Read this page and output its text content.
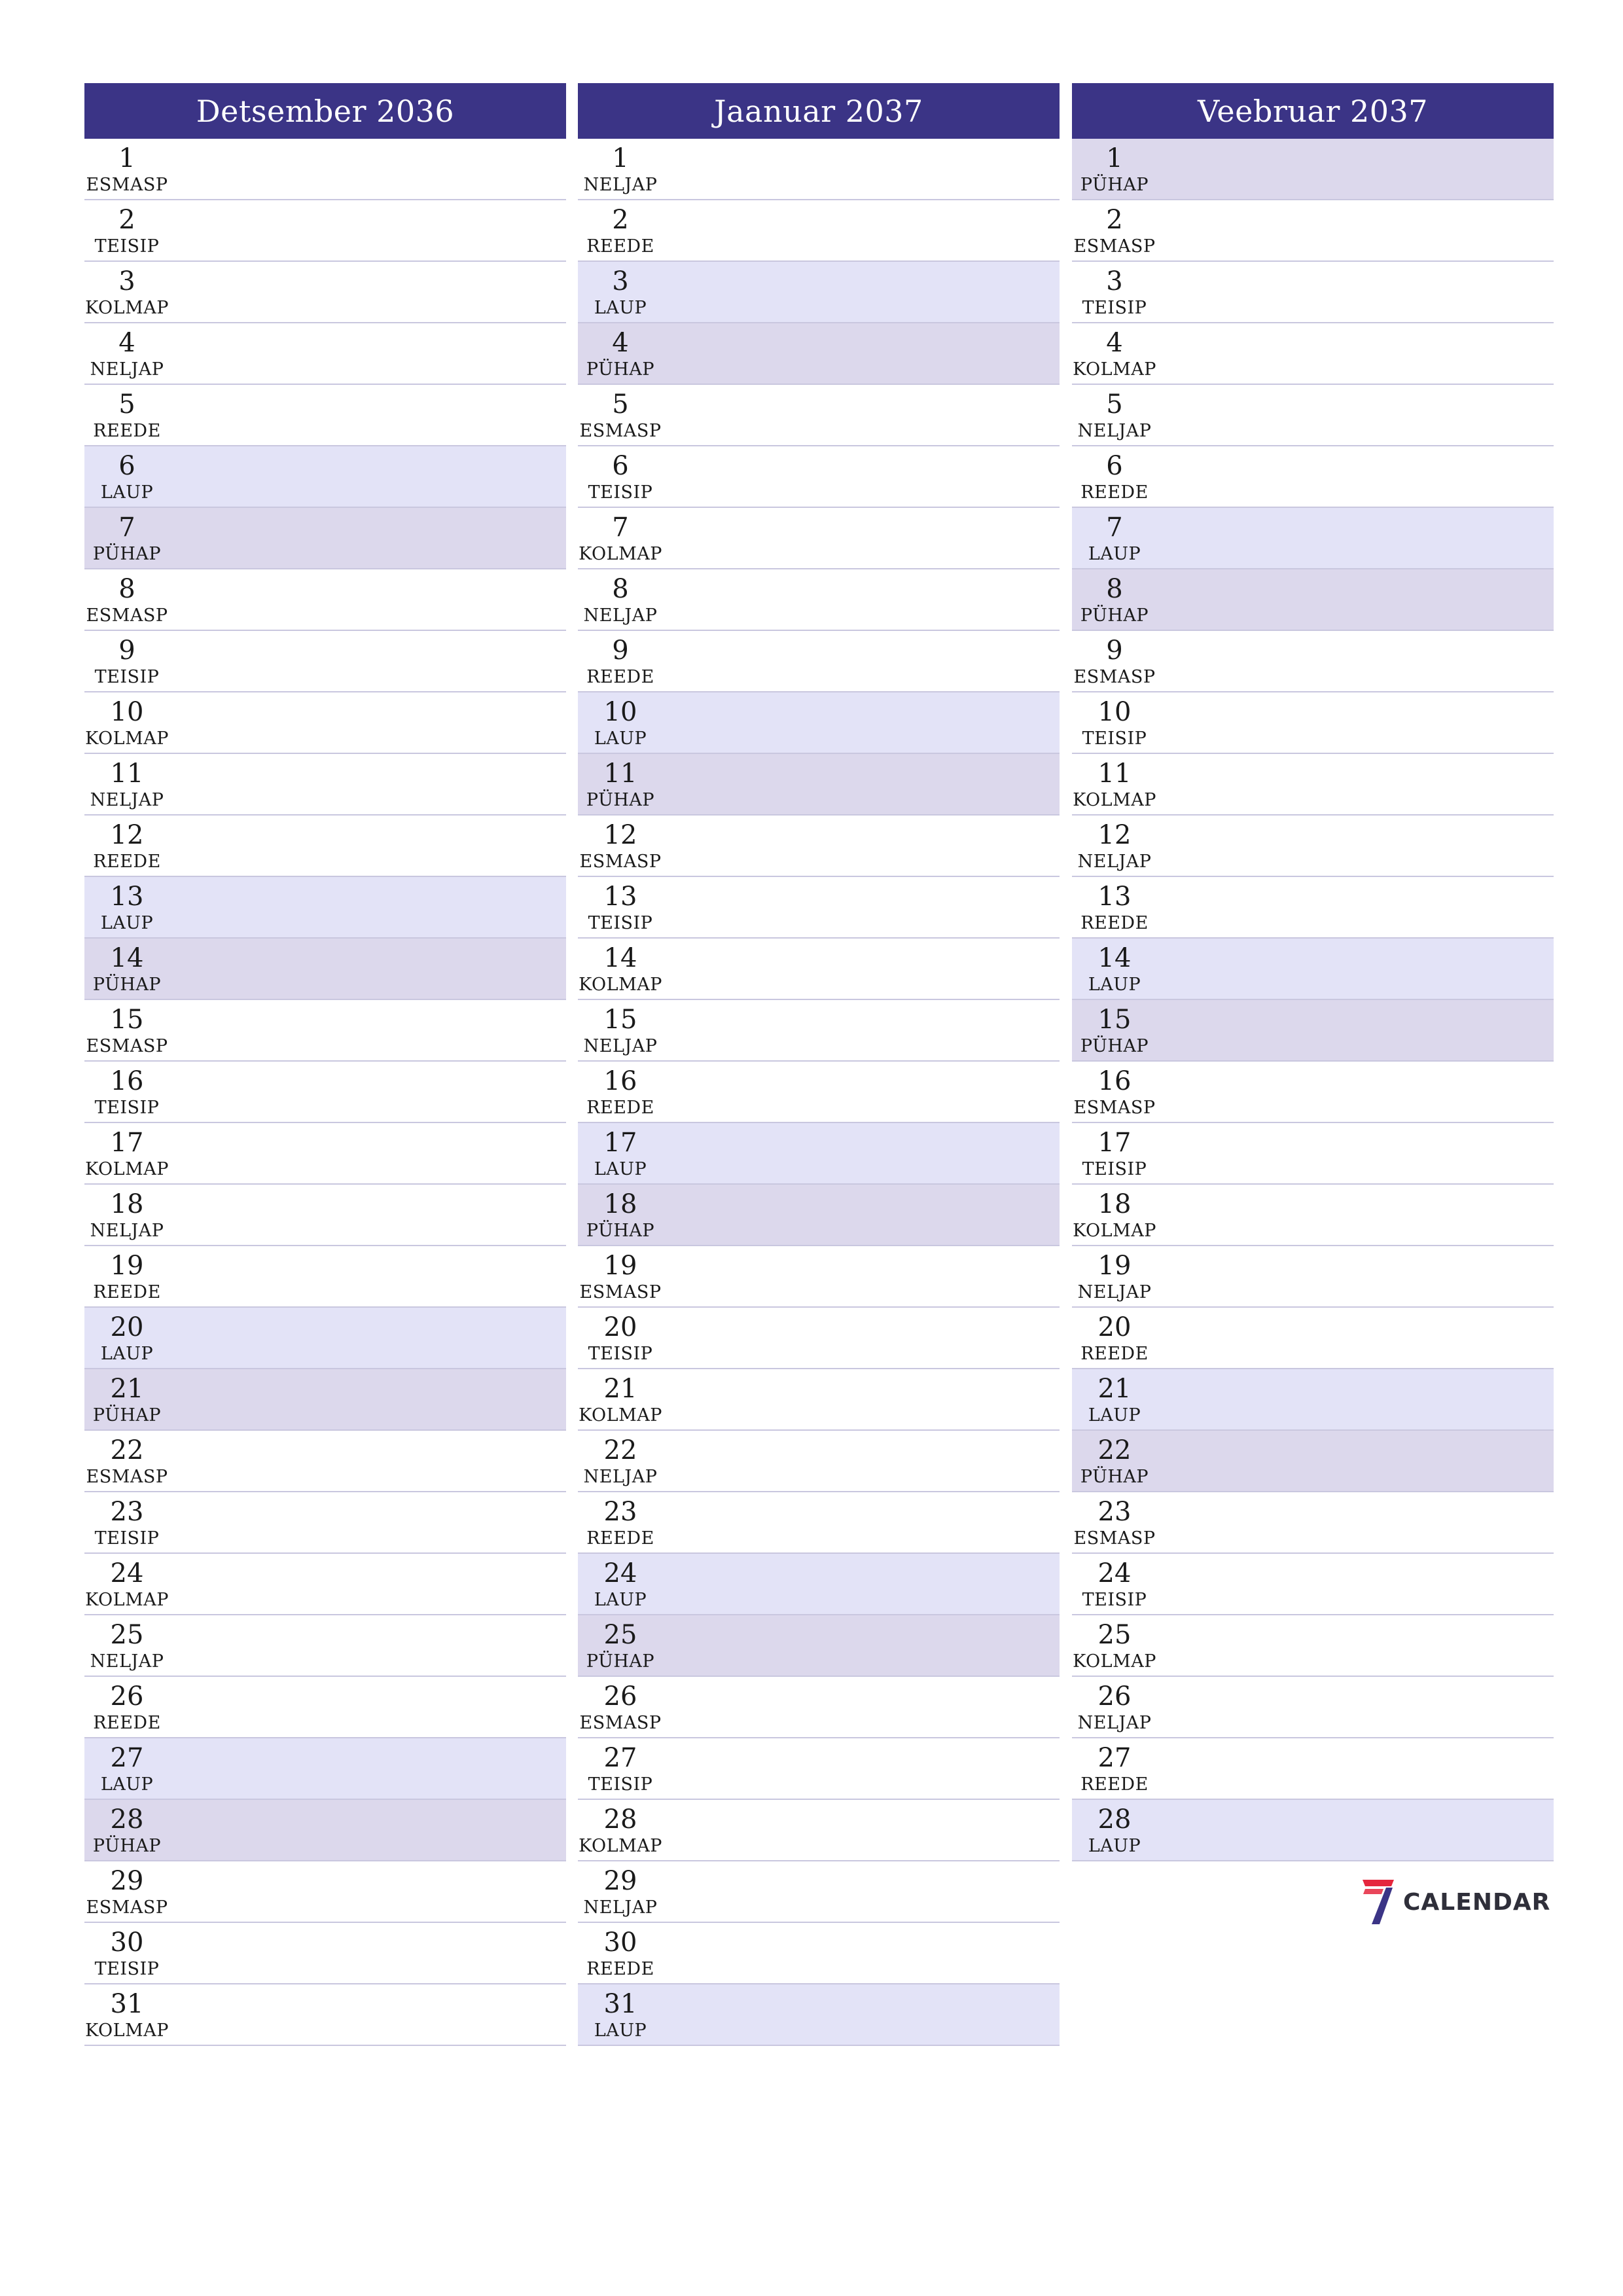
Detsember 2036
1
ESMASP
2
TEISIP
3
KOLMAP
4
NELJAP
5
REEDE
6
LAUP
7
PÜHAP
8
ESMASP
9
TEISIP
10
KOLMAP
11
NELJAP
12
REEDE
13
LAUP
14
PÜHAP
15
ESMASP
16
TEISIP
17
KOLMAP
18
NELJAP
19
REEDE
20
LAUP
21
PÜHAP
22
ESMASP
23
TEISIP
24
KOLMAP
25
NELJAP
26
REEDE
27
LAUP
28
PÜHAP
29
ESMASP
30
TEISIP
31
KOLMAP
Jaanuar 2037
1
NELJAP
2
REEDE
3
LAUP
4
PÜHAP
5
ESMASP
6
TEISIP
7
KOLMAP
8
NELJAP
9
REEDE
10
LAUP
11
PÜHAP
12
ESMASP
13
TEISIP
14
KOLMAP
15
NELJAP
16
REEDE
17
LAUP
18
PÜHAP
19
ESMASP
20
TEISIP
21
KOLMAP
22
NELJAP
23
REEDE
24
LAUP
25
PÜHAP
26
ESMASP
27
TEISIP
28
KOLMAP
29
NELJAP
30
REEDE
31
LAUP
Veebruar 2037
1
PÜHAP
2
ESMASP
3
TEISIP
4
KOLMAP
5
NELJAP
6
REEDE
7
LAUP
8
PÜHAP
9
ESMASP
10
TEISIP
11
KOLMAP
12
NELJAP
13
REEDE
14
LAUP
15
PÜHAP
16
ESMASP
17
TEISIP
18
KOLMAP
19
NELJAP
20
REEDE
21
LAUP
22
PÜHAP
23
ESMASP
24
TEISIP
25
KOLMAP
26
NELJAP
27
REEDE
28
LAUP
CALENDAR
